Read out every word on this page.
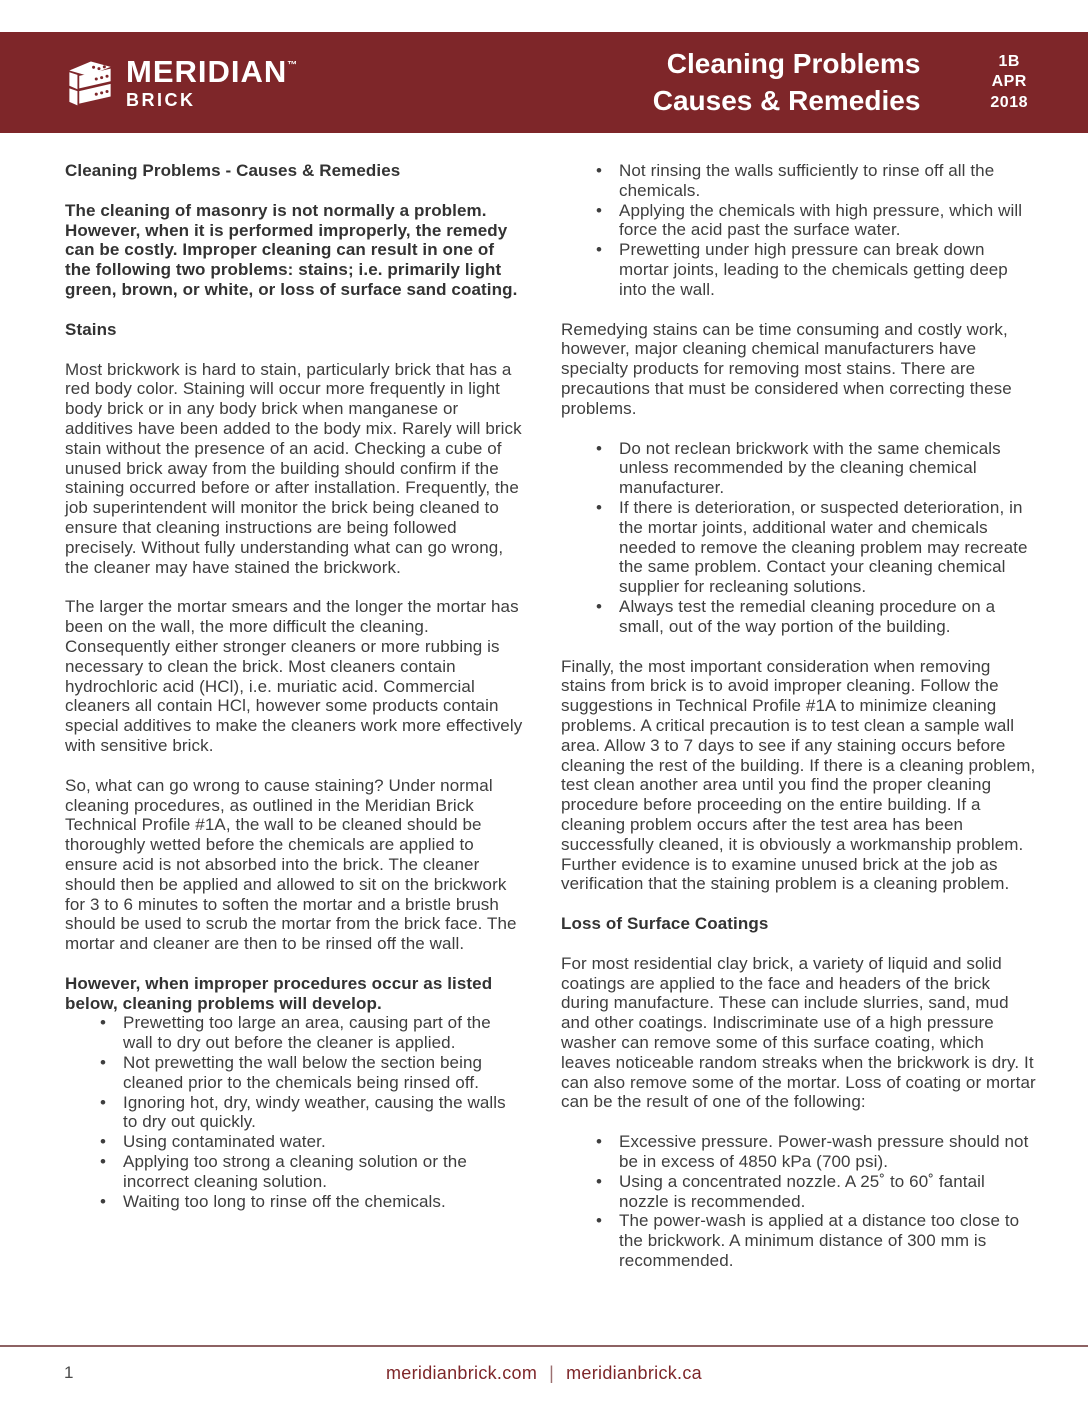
MERIDIAN™
BRICK
Cleaning Problems
Causes & Remedies
1B
APR
2018
Cleaning Problems - Causes & Remedies
The cleaning of masonry is not normally a problem. However, when it is performed improperly, the remedy can be costly. Improper cleaning can result in one of the following two problems: stains; i.e. primarily light green, brown, or white, or loss of surface sand coating.
Stains
Most brickwork is hard to stain, particularly brick that has a red body color. Staining will occur more frequently in light body brick or in any body brick when manganese or additives have been added to the body mix. Rarely will brick stain without the presence of an acid. Checking a cube of unused brick away from the building should confirm if the staining occurred before or after installation. Frequently, the job superintendent will monitor the brick being cleaned to ensure that cleaning instructions are being followed precisely. Without fully understanding what can go wrong, the cleaner may have stained the brickwork.
The larger the mortar smears and the longer the mortar has been on the wall, the more difficult the cleaning. Consequently either stronger cleaners or more rubbing is necessary to clean the brick. Most cleaners contain hydrochloric acid (HCl), i.e. muriatic acid. Commercial cleaners all contain HCl, however some products contain special additives to make the cleaners work more effectively with sensitive brick.
So, what can go wrong to cause staining? Under normal cleaning procedures, as outlined in the Meridian Brick Technical Profile #1A, the wall to be cleaned should be thoroughly wetted before the chemicals are applied to ensure acid is not absorbed into the brick. The cleaner should then be applied and allowed to sit on the brickwork for 3 to 6 minutes to soften the mortar and a bristle brush should be used to scrub the mortar from the brick face. The mortar and cleaner are then to be rinsed off the wall.
However, when improper procedures occur as listed below, cleaning problems will develop.
• Prewetting too large an area, causing part of the wall to dry out before the cleaner is applied.
• Not prewetting the wall below the section being cleaned prior to the chemicals being rinsed off.
• Ignoring hot, dry, windy weather, causing the walls to dry out quickly.
• Using contaminated water.
• Applying too strong a cleaning solution or the incorrect cleaning solution.
• Waiting too long to rinse off the chemicals.
• Not rinsing the walls sufficiently to rinse off all the chemicals.
• Applying the chemicals with high pressure, which will force the acid past the surface water.
• Prewetting under high pressure can break down mortar joints, leading to the chemicals getting deep into the wall.
Remedying stains can be time consuming and costly work, however, major cleaning chemical manufacturers have specialty products for removing most stains. There are precautions that must be considered when correcting these problems.
• Do not reclean brickwork with the same chemicals unless recommended by the cleaning chemical manufacturer.
• If there is deterioration, or suspected deterioration, in the mortar joints, additional water and chemicals needed to remove the cleaning problem may recreate the same problem. Contact your cleaning chemical supplier for recleaning solutions.
• Always test the remedial cleaning procedure on a small, out of the way portion of the building.
Finally, the most important consideration when removing stains from brick is to avoid improper cleaning. Follow the suggestions in Technical Profile #1A to minimize cleaning problems. A critical precaution is to test clean a sample wall area. Allow 3 to 7 days to see if any staining occurs before cleaning the rest of the building. If there is a cleaning problem, test clean another area until you find the proper cleaning procedure before proceeding on the entire building. If a cleaning problem occurs after the test area has been successfully cleaned, it is obviously a workmanship problem. Further evidence is to examine unused brick at the job as verification that the staining problem is a cleaning problem.
Loss of Surface Coatings
For most residential clay brick, a variety of liquid and solid coatings are applied to the face and headers of the brick during manufacture. These can include slurries, sand, mud and other coatings. Indiscriminate use of a high pressure washer can remove some of this surface coating, which leaves noticeable random streaks when the brickwork is dry. It can also remove some of the mortar. Loss of coating or mortar can be the result of one of the following:
• Excessive pressure. Power-wash pressure should not be in excess of 4850 kPa (700 psi).
• Using a concentrated nozzle. A 25˚ to 60˚ fantail nozzle is recommended.
• The power-wash is applied at a distance too close to the brickwork. A minimum distance of 300 mm is recommended.
1	meridianbrick.com | meridianbrick.ca
